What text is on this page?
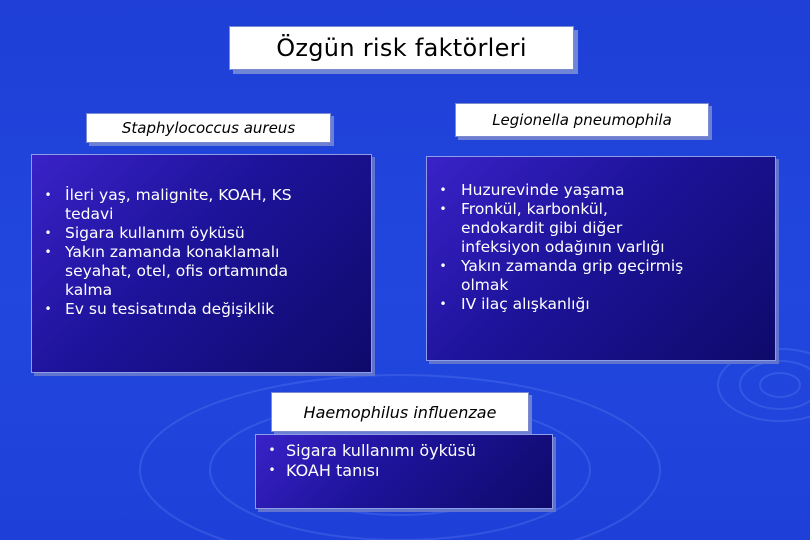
Özgün risk faktörleri
Staphylococcus aureus	Legionella pneumophila
Haemophilus influenzae
• İleri yaş, malignite, KOAH, KS
tedavi
• Sigara kullanım öyküsü
• Yakın zamanda konaklamalı
seyahat, otel, ofis ortamında
kalma
• Ev su tesisatında değişiklik
• Huzurevinde yaşama
• Fronkül, karbonkül,
endokardit gibi diğer
infeksiyon odağının varlığı
• Yakın zamanda grip geçirmiş
olmak
• IV ilaç alışkanlığı
• Sigara kullanımı öyküsü
• KOAH tanısı
